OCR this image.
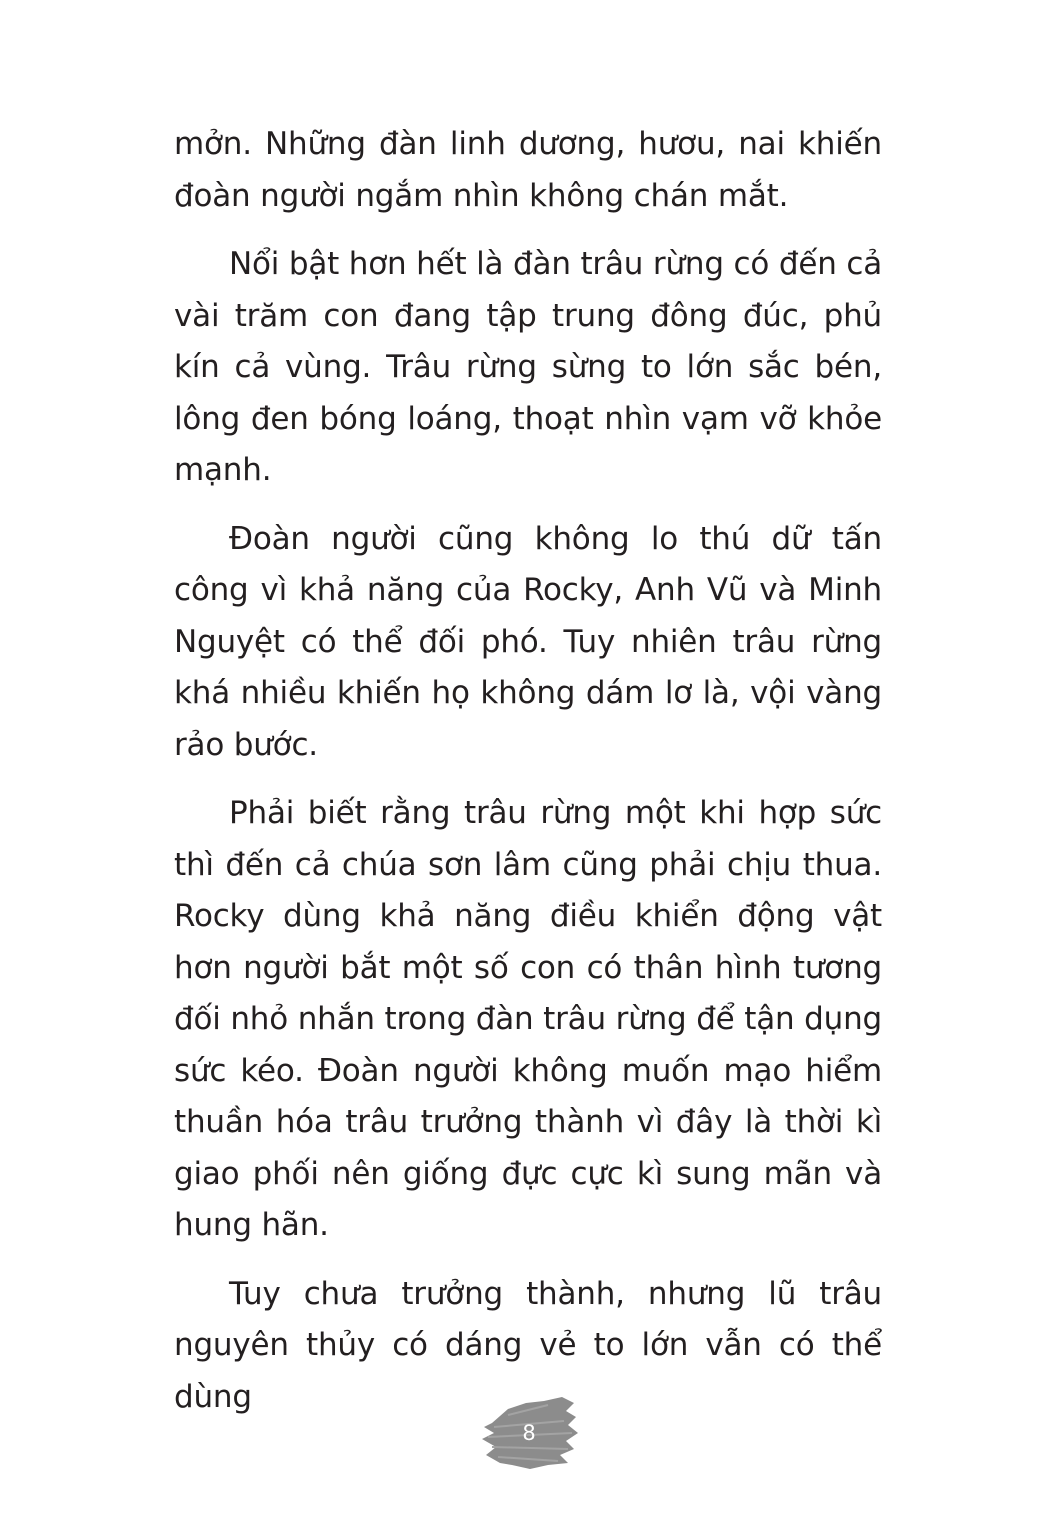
mởn. Những đàn linh dương, hươu, nai khiến đoàn người ngắm nhìn không chán mắt.

Nổi bật hơn hết là đàn trâu rừng có đến cả vài trăm con đang tập trung đông đúc, phủ kín cả vùng. Trâu rừng sừng to lớn sắc bén, lông đen bóng loáng, thoạt nhìn vạm vỡ khỏe mạnh.

Đoàn người cũng không lo thú dữ tấn công vì khả năng của Rocky, Anh Vũ và Minh Nguyệt có thể đối phó. Tuy nhiên trâu rừng khá nhiều khiến họ không dám lơ là, vội vàng rảo bước.

Phải biết rằng trâu rừng một khi hợp sức thì đến cả chúa sơn lâm cũng phải chịu thua. Rocky dùng khả năng điều khiển động vật hơn người bắt một số con có thân hình tương đối nhỏ nhắn trong đàn trâu rừng để tận dụng sức kéo. Đoàn người không muốn mạo hiểm thuần hóa trâu trưởng thành vì đây là thời kì giao phối nên giống đực cực kì sung mãn và hung hãn.

Tuy chưa trưởng thành, nhưng lũ trâu nguyên thủy có dáng vẻ to lớn vẫn có thể dùng

8
